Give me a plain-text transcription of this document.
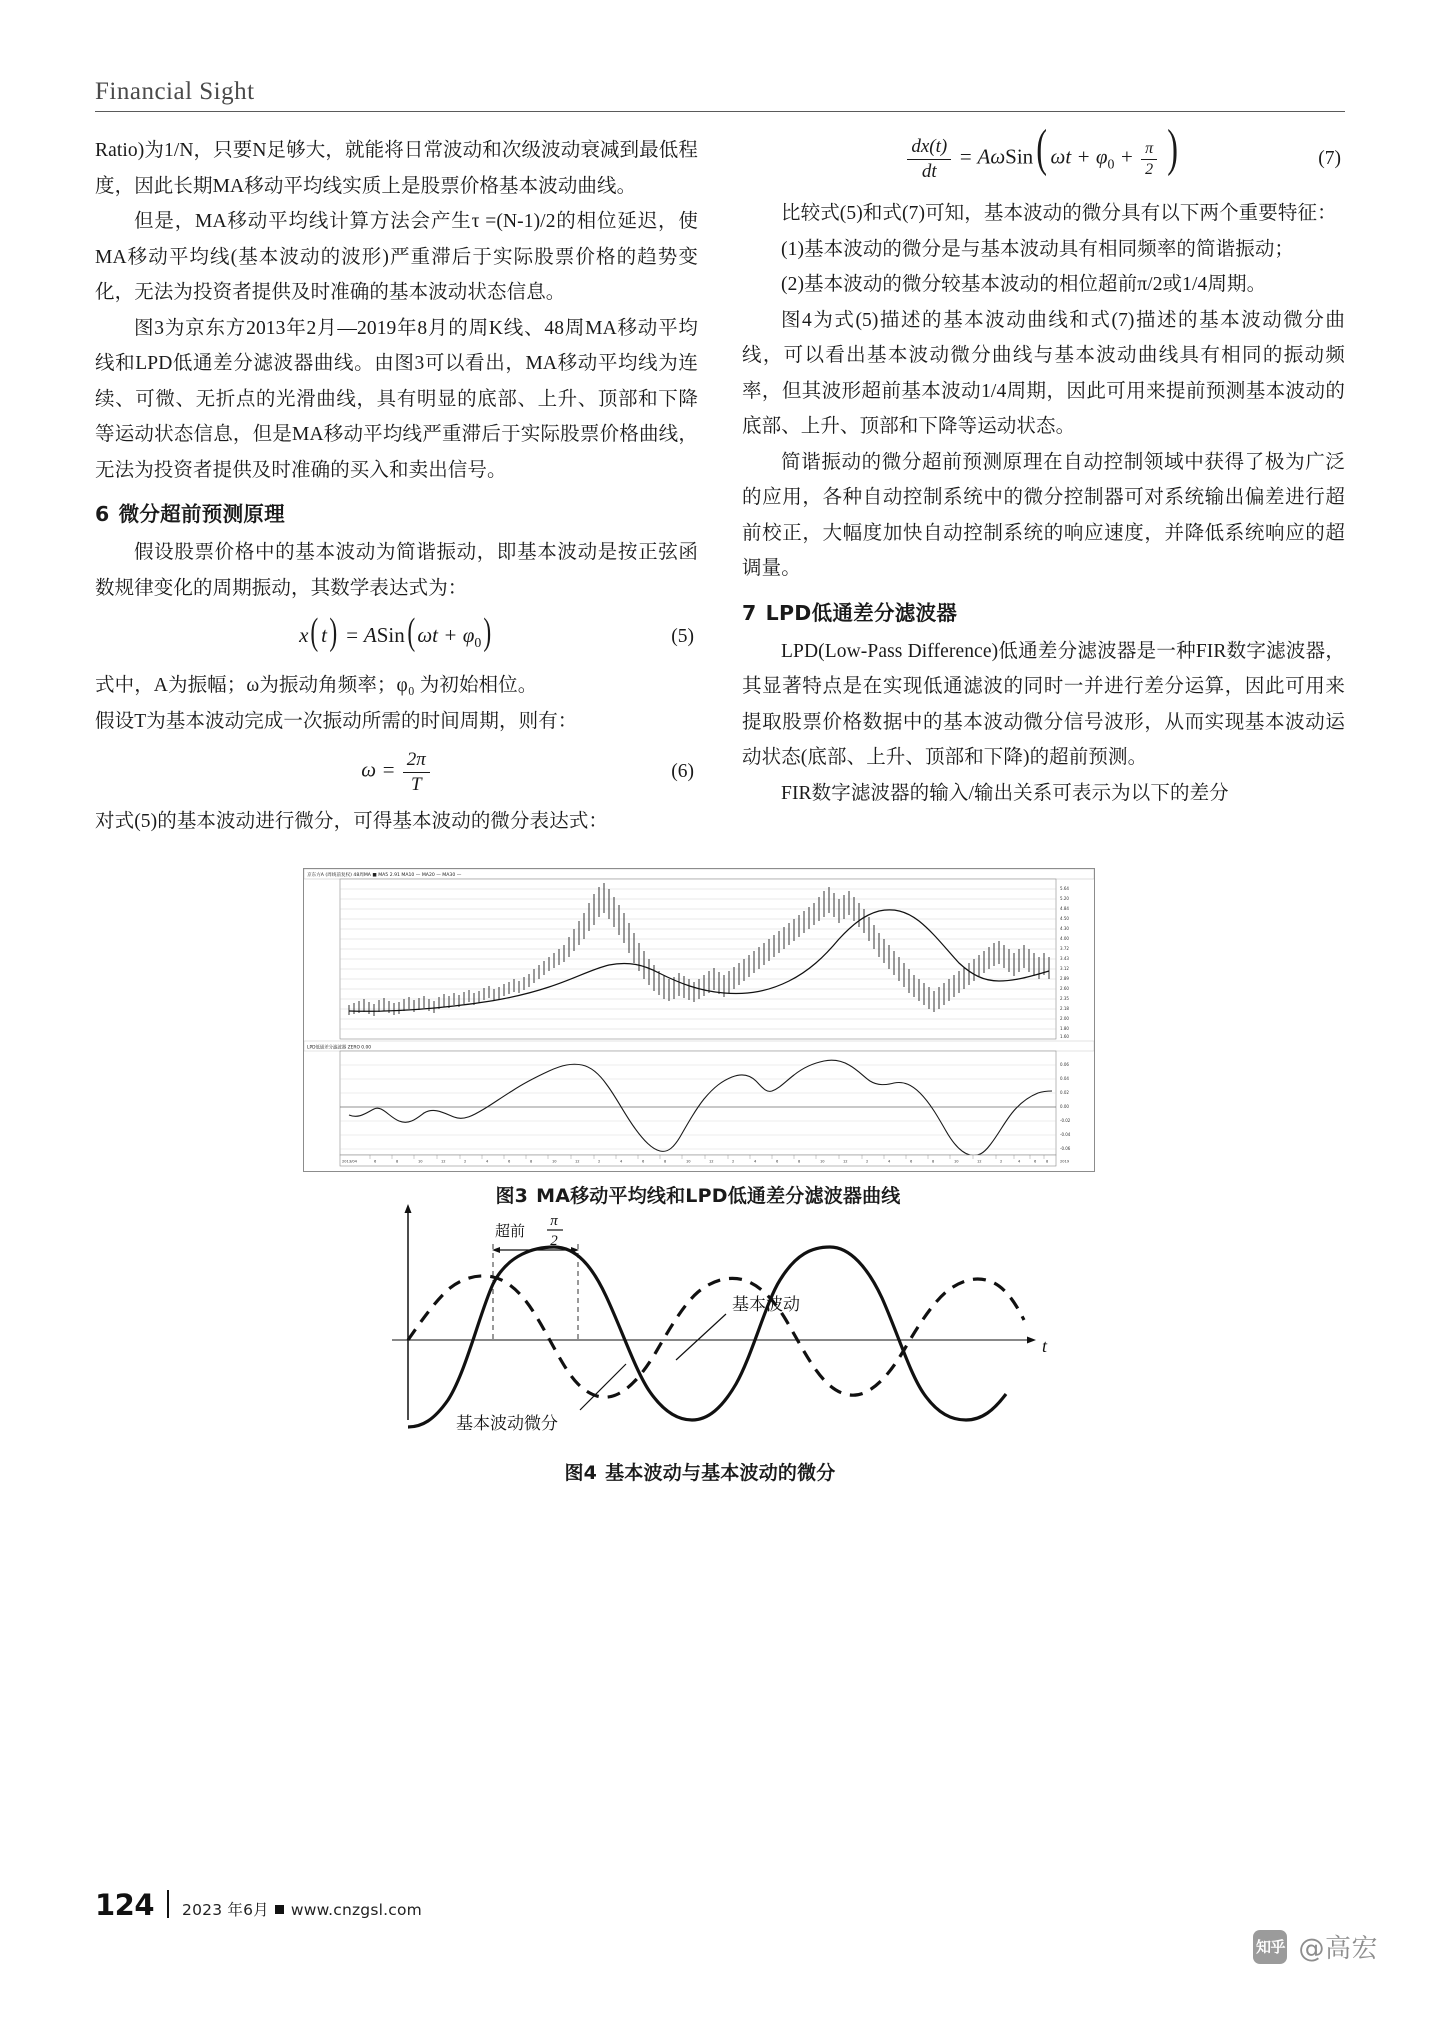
Financial Sight

Ratio)为1/N，只要N足够大，就能将日常波动和次级波动衰减到最低程度，因此长期MA移动平均线实质上是股票价格基本波动曲线。

但是，MA移动平均线计算方法会产生τ =(N-1)/2的相位延迟，使MA移动平均线(基本波动的波形)严重滞后于实际股票价格的趋势变化，无法为投资者提供及时准确的基本波动状态信息。

图3为京东方2013年2月—2019年8月的周K线、48周MA移动平均线和LPD低通差分滤波器曲线。由图3可以看出，MA移动平均线为连续、可微、无折点的光滑曲线，具有明显的底部、上升、顶部和下降等运动状态信息，但是MA移动平均线严重滞后于实际股票价格曲线，无法为投资者提供及时准确的买入和卖出信号。

6 微分超前预测原理

假设股票价格中的基本波动为简谐振动，即基本波动是按正弦函数规律变化的周期振动，其数学表达式为：

x( t) = ASin( $\omega t + \varphi_0$)	(5)

式中，A为振幅；ω为振动角频率；φ₀ 为初始相位。

假设T为基本波动完成一次振动所需的时间周期，则有：

$\omega = \frac{2\pi}{T}$	(6)

对式(5)的基本波动进行微分，可得基本波动的微分表达式：

$\frac{dx(t)}{dt} = A\omega Sin$( $\omega t + \varphi_0 + \frac{\pi}{2}$ )	(7)

比较式(5)和式(7)可知，基本波动的微分具有以下两个重要特征：

(1)基本波动的微分是与基本波动具有相同频率的简谐振动；

(2)基本波动的微分较基本波动的相位超前π/2或1/4周期。

图4为式(5)描述的基本波动曲线和式(7)描述的基本波动微分曲线，可以看出基本波动微分曲线与基本波动曲线具有相同的振动频率，但其波形超前基本波动1/4周期，因此可用来提前预测基本波动的底部、上升、顶部和下降等运动状态。

简谐振动的微分超前预测原理在自动控制领域中获得了极为广泛的应用，各种自动控制系统中的微分控制器可对系统输出偏差进行超前校正，大幅度加快自动控制系统的响应速度，并降低系统响应的超调量。

7 LPD低通差分滤波器

LPD(Low-Pass Difference)低通差分滤波器是一种FIR数字滤波器，其显著特点是在实现低通滤波的同时一并进行差分运算，因此可用来提取股票价格数据中的基本波动微分信号波形，从而实现基本波动运动状态(底部、上升、顶部和下降)的超前预测。

FIR数字滤波器的输入/输出关系可表示为以下的差分

京东方A (周线前复权) 48周MA ■ MA5 2.91 MA10 — MA20 — MA30 —
5.64
5.20
4.84
4.50
4.30
4.00
3.72
3.43
3.12
2.89
2.60
2.35
2.18
2.00
1.80
1.60
LPD低通差分滤波器 ZERO 0.00
0.06
0.04
0.02
0.00
-0.02
-0.04
-0.06
2013/04	6	8	10	12	2	4	6	8	10	12	2	4	6	8	10	12	2	4	6	8	10	12	2	4	6	8	10	12	2	4	6	8	2019
图3 MA移动平均线和LPD低通差分滤波器曲线
t
超前
π
2
基本波动
基本波动微分
图4 基本波动与基本波动的微分
124 2023 年6月 www.cnzgsl.com
知乎 @高宏
